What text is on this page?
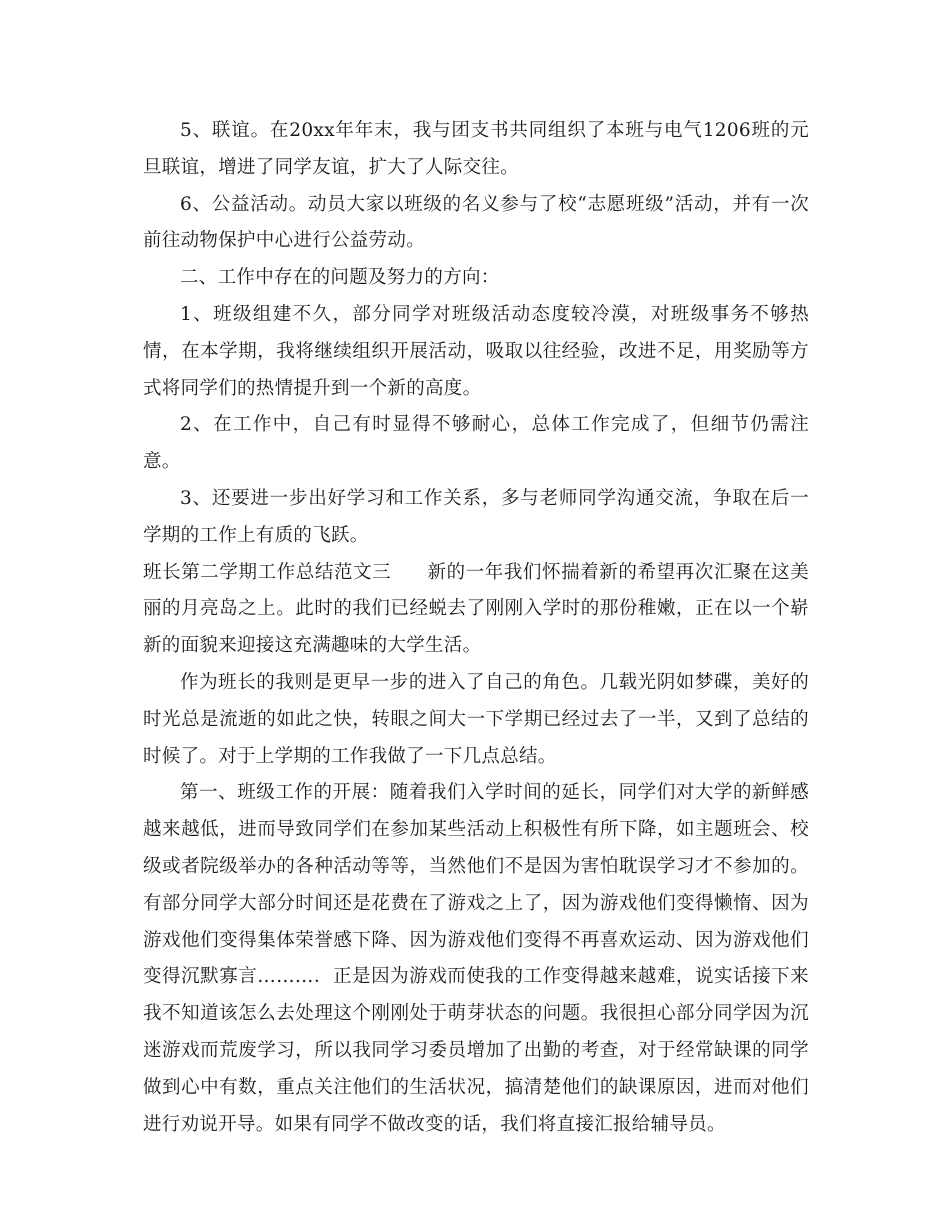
5、联谊。在20xx年年末，我与团支书共同组织了本班与电气1206班的元旦联谊，增进了同学友谊，扩大了人际交往。

6、公益活动。动员大家以班级的名义参与了校“志愿班级”活动，并有一次前往动物保护中心进行公益劳动。

二、工作中存在的问题及努力的方向：

1、班级组建不久，部分同学对班级活动态度较冷漠，对班级事务不够热情，在本学期，我将继续组织开展活动，吸取以往经验，改进不足，用奖励等方式将同学们的热情提升到一个新的高度。

2、在工作中，自己有时显得不够耐心，总体工作完成了，但细节仍需注意。

3、还要进一步出好学习和工作关系，多与老师同学沟通交流，争取在后一学期的工作上有质的飞跃。

班长第二学期工作总结范文三 新的一年我们怀揣着新的希望再次汇聚在这美丽的月亮岛之上。此时的我们已经蜕去了刚刚入学时的那份稚嫩，正在以一个崭新的面貌来迎接这充满趣味的大学生活。

作为班长的我则是更早一步的进入了自己的角色。几载光阴如梦碟，美好的时光总是流逝的如此之快，转眼之间大一下学期已经过去了一半，又到了总结的时候了。对于上学期的工作我做了一下几点总结。

第一、班级工作的开展：随着我们入学时间的延长，同学们对大学的新鲜感越来越低，进而导致同学们在参加某些活动上积极性有所下降，如主题班会、校级或者院级举办的各种活动等等，当然他们不是因为害怕耽误学习才不参加的。有部分同学大部分时间还是花费在了游戏之上了，因为游戏他们变得懒惰、因为游戏他们变得集体荣誉感下降、因为游戏他们变得不再喜欢运动、因为游戏他们变得沉默寡言………．正是因为游戏而使我的工作变得越来越难，说实话接下来我不知道该怎么去处理这个刚刚处于萌芽状态的问题。我很担心部分同学因为沉迷游戏而荒废学习，所以我同学习委员增加了出勤的考查，对于经常缺课的同学做到心中有数，重点关注他们的生活状况，搞清楚他们的缺课原因，进而对他们进行劝说开导。如果有同学不做改变的话，我们将直接汇报给辅导员。
